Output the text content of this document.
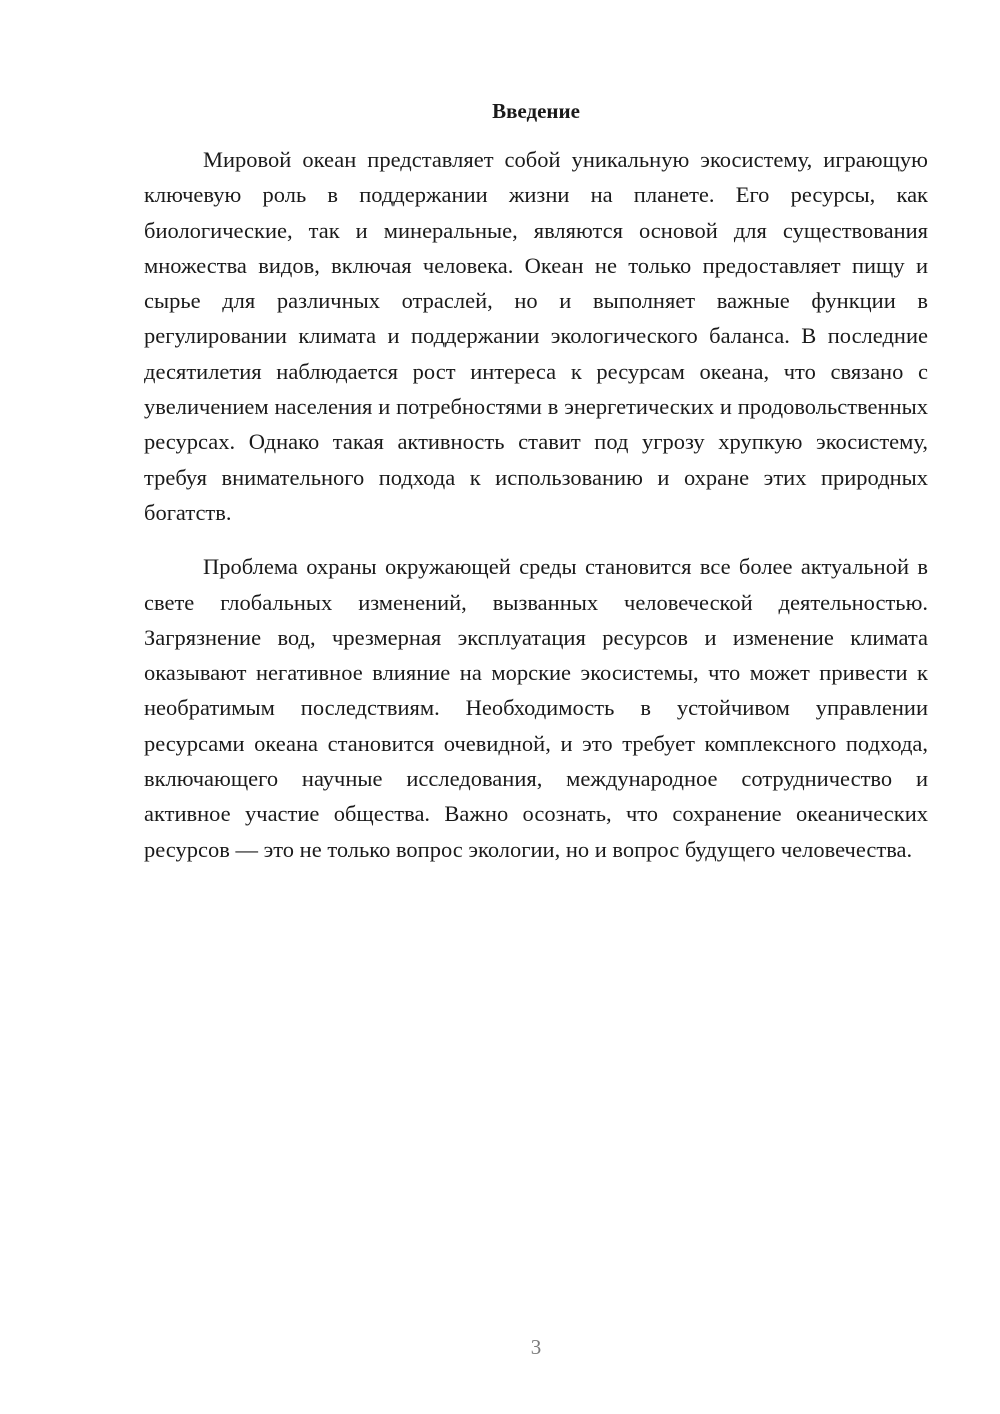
Введение

Мировой океан представляет собой уникальную экосистему, играющую ключевую роль в поддержании жизни на планете. Его ресурсы, как биологические, так и минеральные, являются основой для существования множества видов, включая человека. Океан не только предоставляет пищу и сырье для различных отраслей, но и выполняет важные функции в регулировании климата и поддержании экологического баланса. В последние десятилетия наблюдается рост интереса к ресурсам океана, что связано с увеличением населения и потребностями в энергетических и продовольственных ресурсах. Однако такая активность ставит под угрозу хрупкую экосистему, требуя внимательного подхода к использованию и охране этих природных богатств.

Проблема охраны окружающей среды становится все более актуальной в свете глобальных изменений, вызванных человеческой деятельностью. Загрязнение вод, чрезмерная эксплуатация ресурсов и изменение климата оказывают негативное влияние на морские экосистемы, что может привести к необратимым последствиям. Необходимость в устойчивом управлении ресурсами океана становится очевидной, и это требует комплексного подхода, включающего научные исследования, международное сотрудничество и активное участие общества. Важно осознать, что сохранение океанических ресурсов — это не только вопрос экологии, но и вопрос будущего человечества.

3
